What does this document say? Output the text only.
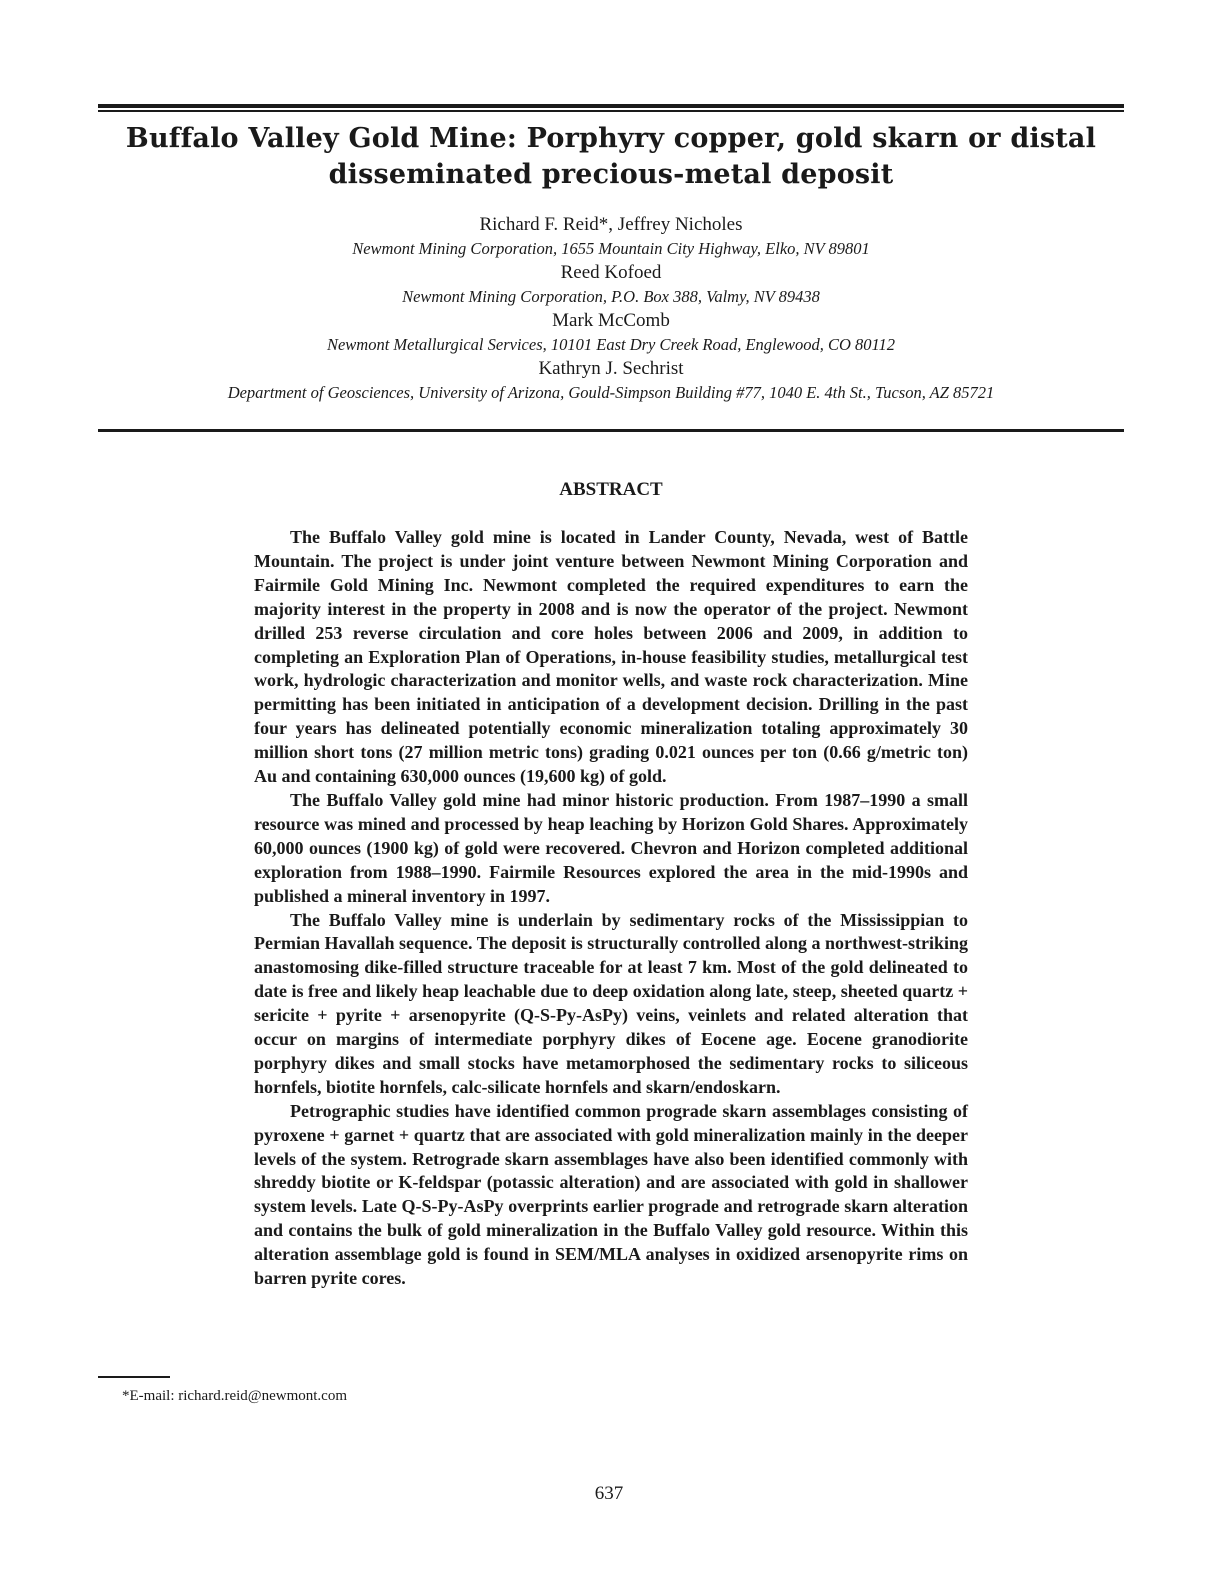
Buffalo Valley Gold Mine: Porphyry copper, gold skarn or distal disseminated precious-metal deposit
Richard F. Reid*, Jeffrey Nicholes
Newmont Mining Corporation, 1655 Mountain City Highway, Elko, NV 89801
Reed Kofoed
Newmont Mining Corporation, P.O. Box 388, Valmy, NV 89438
Mark McComb
Newmont Metallurgical Services, 10101 East Dry Creek Road, Englewood, CO 80112
Kathryn J. Sechrist
Department of Geosciences, University of Arizona, Gould-Simpson Building #77, 1040 E. 4th St., Tucson, AZ 85721
ABSTRACT

The Buffalo Valley gold mine is located in Lander County, Nevada, west of Battle Mountain. The project is under joint venture between Newmont Mining Corporation and Fairmile Gold Mining Inc. Newmont completed the required expenditures to earn the majority interest in the property in 2008 and is now the operator of the project. Newmont drilled 253 reverse circulation and core holes between 2006 and 2009, in addition to completing an Exploration Plan of Operations, in-house feasibility studies, metallurgical test work, hydrologic characterization and monitor wells, and waste rock characterization. Mine permitting has been initiated in anticipation of a development decision. Drilling in the past four years has delineated potentially economic mineralization totaling approximately 30 million short tons (27 million metric tons) grading 0.021 ounces per ton (0.66 g/metric ton) Au and containing 630,000 ounces (19,600 kg) of gold.

The Buffalo Valley gold mine had minor historic production. From 1987–1990 a small resource was mined and processed by heap leaching by Horizon Gold Shares. Approximately 60,000 ounces (1900 kg) of gold were recovered. Chevron and Horizon completed additional exploration from 1988–1990. Fairmile Resources explored the area in the mid-1990s and published a mineral inventory in 1997.

The Buffalo Valley mine is underlain by sedimentary rocks of the Mississippian to Permian Havallah sequence. The deposit is structurally controlled along a northwest-striking anastomosing dike-filled structure traceable for at least 7 km. Most of the gold delineated to date is free and likely heap leachable due to deep oxidation along late, steep, sheeted quartz + sericite + pyrite + arsenopyrite (Q-S-Py-AsPy) veins, veinlets and related alteration that occur on margins of intermediate porphyry dikes of Eocene age. Eocene granodiorite porphyry dikes and small stocks have metamorphosed the sedimentary rocks to siliceous hornfels, biotite hornfels, calc-silicate hornfels and skarn/endoskarn.

Petrographic studies have identified common prograde skarn assemblages consisting of pyroxene + garnet + quartz that are associated with gold mineralization mainly in the deeper levels of the system. Retrograde skarn assemblages have also been identified commonly with shreddy biotite or K-feldspar (potassic alteration) and are associated with gold in shallower system levels. Late Q-S-Py-AsPy overprints earlier prograde and retrograde skarn alteration and contains the bulk of gold mineralization in the Buffalo Valley gold resource. Within this alteration assemblage gold is found in SEM/MLA analyses in oxidized arsenopyrite rims on barren pyrite cores.

*E-mail: richard.reid@newmont.com
637
